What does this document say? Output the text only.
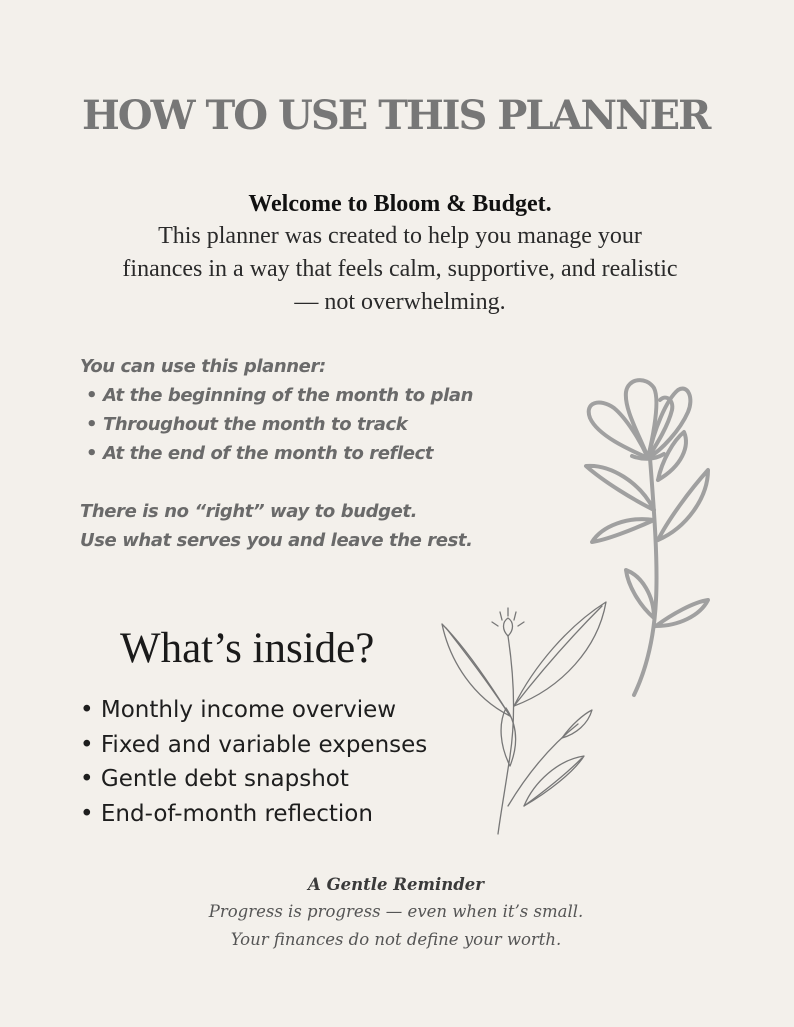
HOW TO USE THIS PLANNER
Welcome to Bloom & Budget.
This planner was created to help you manage your
finances in a way that feels calm, supportive, and realistic
— not overwhelming.
You can use this planner:
• At the beginning of the month to plan
• Throughout the month to track
• At the end of the month to reflect
There is no “right” way to budget.
Use what serves you and leave the rest.
What’s inside?
• Monthly income overview
• Fixed and variable expenses
• Gentle debt snapshot
• End-of-month reflection
A Gentle Reminder
Progress is progress — even when it’s small.
Your finances do not define your worth.
